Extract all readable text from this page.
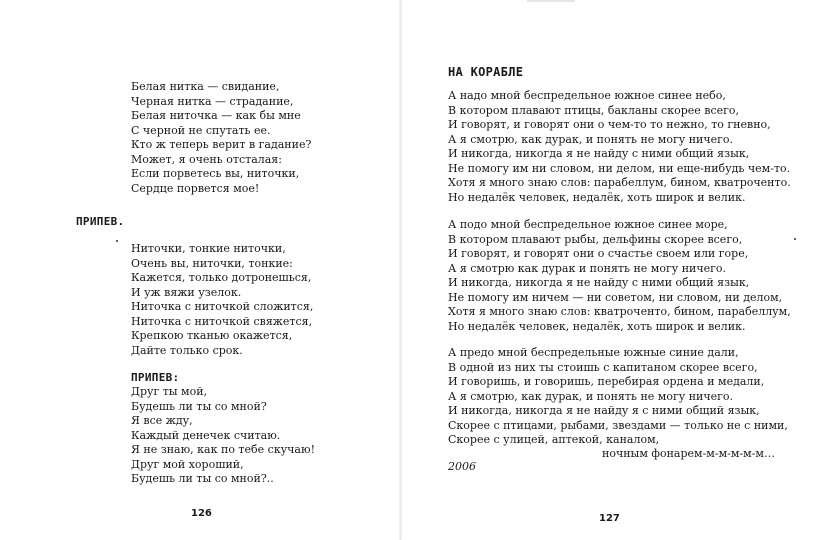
Белая нитка — свидание,
Черная нитка — страдание,
Белая ниточка — как бы мне
С черной не спутать ее.
Кто ж теперь верит в гадание?
Может, я очень отсталая:
Если порветесь вы, ниточки,
Сердце порвется мое!
ПРИПЕВ.
Ниточки, тонкие ниточки,
Очень вы, ниточки, тонкие:
Кажется, только дотронешься,
И уж вяжи узелок.
Ниточка с ниточкой сложится,
Ниточка с ниточкой свяжется,
Крепкою тканью окажется,
Дайте только срок.
ПРИПЕВ:
Друг ты мой,
Будешь ли ты со мной?
Я все жду,
Каждый денечек считаю.
Я не знаю, как по тебе скучаю!
Друг мой хороший,
Будешь ли ты со мной?..
126
НА КОРАБЛЕ
А надо мной беспредельное южное синее небо,
В котором плавают птицы, бакланы скорее всего,
И говорят, и говорят они о чем-то то нежно, то гневно,
А я смотрю, как дурак, и понять не могу ничего.
И никогда, никогда я не найду с ними общий язык,
Не помогу им ни словом, ни делом, ни еще-нибудь чем-то.
Хотя я много знаю слов: парабеллум, бином, кватроченто.
Но недалёк человек, недалёк, хоть широк и велик.
А подо мной беспредельное южное синее море,
В котором плавают рыбы, дельфины скорее всего,
И говорят, и говорят они о счастье своем или горе,
А я смотрю как дурак и понять не могу ничего.
И никогда, никогда я не найду с ними общий язык,
Не помогу им ничем — ни советом, ни словом, ни делом,
Хотя я много знаю слов: кватроченто, бином, парабеллум,
Но недалёк человек, недалёк, хоть широк и велик.
А предо мной беспредельные южные синие дали,
В одной из них ты стоишь с капитаном скорее всего,
И говоришь, и говоришь, перебирая ордена и медали,
А я смотрю, как дурак, и понять не могу ничего.
И никогда, никогда я не найду я с ними общий язык,
Скорее с птицами, рыбами, звездами — только не с ними,
Скорее с улицей, аптекой, каналом,
ночным фонарем-м-м-м-м-м…
2006
127
